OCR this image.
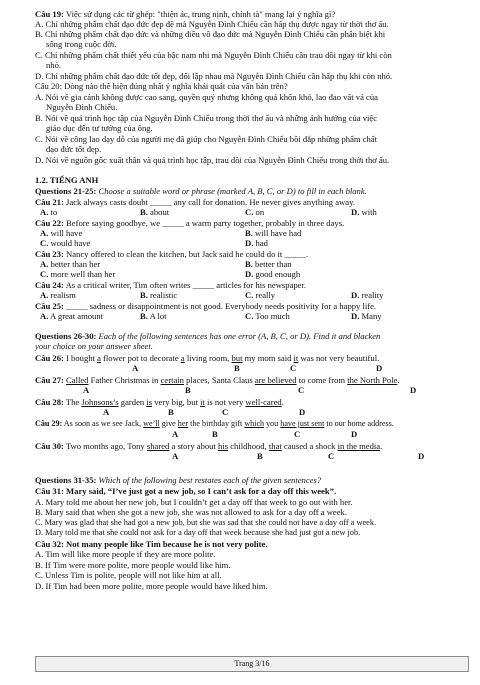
Câu 19: Việc sử dụng các từ ghép: "thiện ác, trung nịnh, chính tà" mang lại ý nghĩa gì?
A. Chỉ những phẩm chất đạo đức đẹp đẽ mà Nguyễn Đình Chiểu cần hấp thụ được ngay từ thời thơ ấu.
B. Chỉ những phẩm chất đạo đức và những điều vô đạo đức mà Nguyễn Đình Chiểu cần phân biệt khi
sống trong cuộc đời.
C. Chỉ những phẩm chất thiết yếu của bậc nam nhi mà Nguyễn Đình Chiểu cần trau dồi ngay từ khi còn
nhỏ.
D. Chỉ những phẩm chất đạo đức tốt đẹp, đối lập nhau mà Nguyễn Đình Chiểu cần hấp thụ khi còn nhỏ.
Câu 20: Dòng nào thể hiện đúng nhất ý nghĩa khái quát của văn bản trên?
A. Nói về gia cảnh không được cao sang, quyền quý nhưng không quá khốn khó, lao đao vất vả của
Nguyễn Đình Chiểu.
B. Nói về quá trình học tập của Nguyễn Đình Chiểu trong thời thơ ấu và những ảnh hưởng của việc
giáo dục đến tư tưởng của ông.
C. Nói về công lao dạy dỗ của người mẹ đã giúp cho Nguyễn Đình Chiểu bồi đắp những phẩm chất
đạo đức tốt đẹp.
D. Nói về nguồn gốc xuất thân và quá trình học tập, trau dồi của Nguyễn Đình Chiểu trong thời thơ ấu.
1.2. TIẾNG ANH
Questions 21-25: Choose a suitable word or phrase (marked A, B, C, or D) to fill in each blank.
Câu 21: Jack always casts doubt _____ any call for donation. He never gives anything away.
A. to	B. about	C. on	D. with
Câu 22: Before saying goodbye, we _____ a warm party together, probably in three days.
A. will have	B. will have had
C. would have	D. had
Câu 23: Nancy offered to clean the kitchen, but Jack said he could do it _____.
A. better than her	B. better than
C. more well than her	D. good enough
Câu 24: As a critical writer, Tim often writes _____ articles for his newspaper.
A. realism	B. realistic	C. really	D. reality
Câu 25: _____ sadness or disappointment is not good. Everybody needs positivity for a happy life.
A. A great amount	B. A lot	C. Too much	D. Many
Questions 26-30: Each of the following sentences has one error (A, B, C, or D). Find it and blacken
your choice on your answer sheet.
Câu 26: I bought a flower pot to decorate a living room, but my mom said it was not very beautiful.
A	B	C	D
Câu 27: Called Father Christmas in certain places, Santa Claus are believed to come from the North Pole.
A	B	C	D
Câu 28: The Johnsons’s garden is very big, but it is not very well-cared.
A	B	C	D
Câu 29: As soon as we see Jack, we’ll give her the birthday gift which you have just sent to our home address.
A	B	C	D
Câu 30: Two months ago, Tony shared a story about his childhood, that caused a shock in the media.
A	B	C	D
Questions 31-35: Which of the following best restates each of the given sentences?
Câu 31: Mary said, “I’ve just got a new job, so I can’t ask for a day off this week”.
A. Mary told me about her new job, but I couldn’t get a day off that week to go out with her.
B. Mary said that when she got a new job, she was not allowed to ask for a day off a week.
C. Mary was glad that she had got a new job, but she was sad that she could not have a day off a week.
D. Mary told me that she could not ask for a day off that week because she had just got a new job.
Câu 32: Not many people like Tim because he is not very polite.
A. Tim will like more people if they are more polite.
B. If Tim were more polite, more people would like him.
C. Unless Tim is polite, people will not like him at all.
D. If Tim had been more polite, more people would have liked him.
Trang 3/16
